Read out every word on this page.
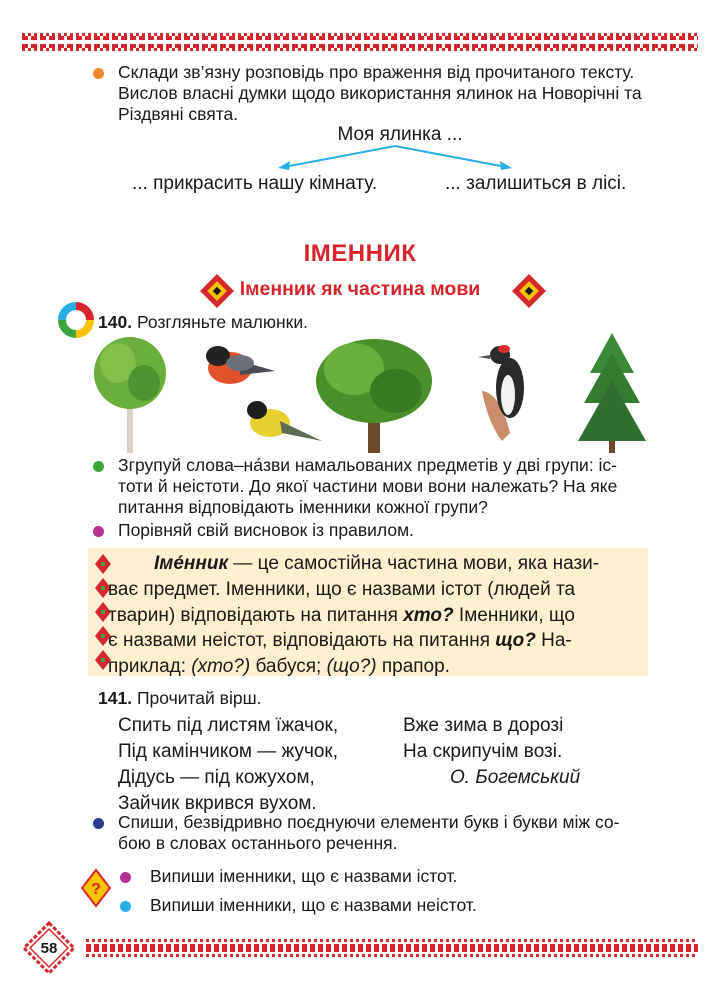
Склади зв’язну розповідь про враження від прочитаного тексту.
Вислов власні думки щодо використання ялинок на Новорічні та
Різдвяні свята.
Моя ялинка ...
... прикрасить нашу кімнату.	... залишиться в лісі.
ІМЕННИК
Іменник як частина мови
140. Розгляньте малюнки.
Згрупуй слова–на́зви намальованих предметів у дві групи: іс-
тоти й неістоти. До якої частини мови вони належать? На яке
питання відповідають іменники кожної групи?
Порівняй свій висновок із правилом.
Іме́нник — це самостійна частина мови, яка нази-
ває предмет. Іменники, що є назвами істот (людей та
тварин) відповідають на питання хто? Іменники, що
є назвами неістот, відповідають на питання що? На-
приклад: (хто?) бабуся; (що?) прапор.
141. Прочитай вірш.
Спить під листям їжачок,
Під камінчиком — жучок,
Дідусь — під кожухом,
Зайчик вкрився вухом.
Вже зима в дорозі
На скрипучім возі.
О. Богемський
Спиши, безвідривно поєднуючи елементи букв і букви між со-
бою в словах останнього речення.
?
Випиши іменники, що є назвами істот.
Випиши іменники, що є назвами неістот.
58
